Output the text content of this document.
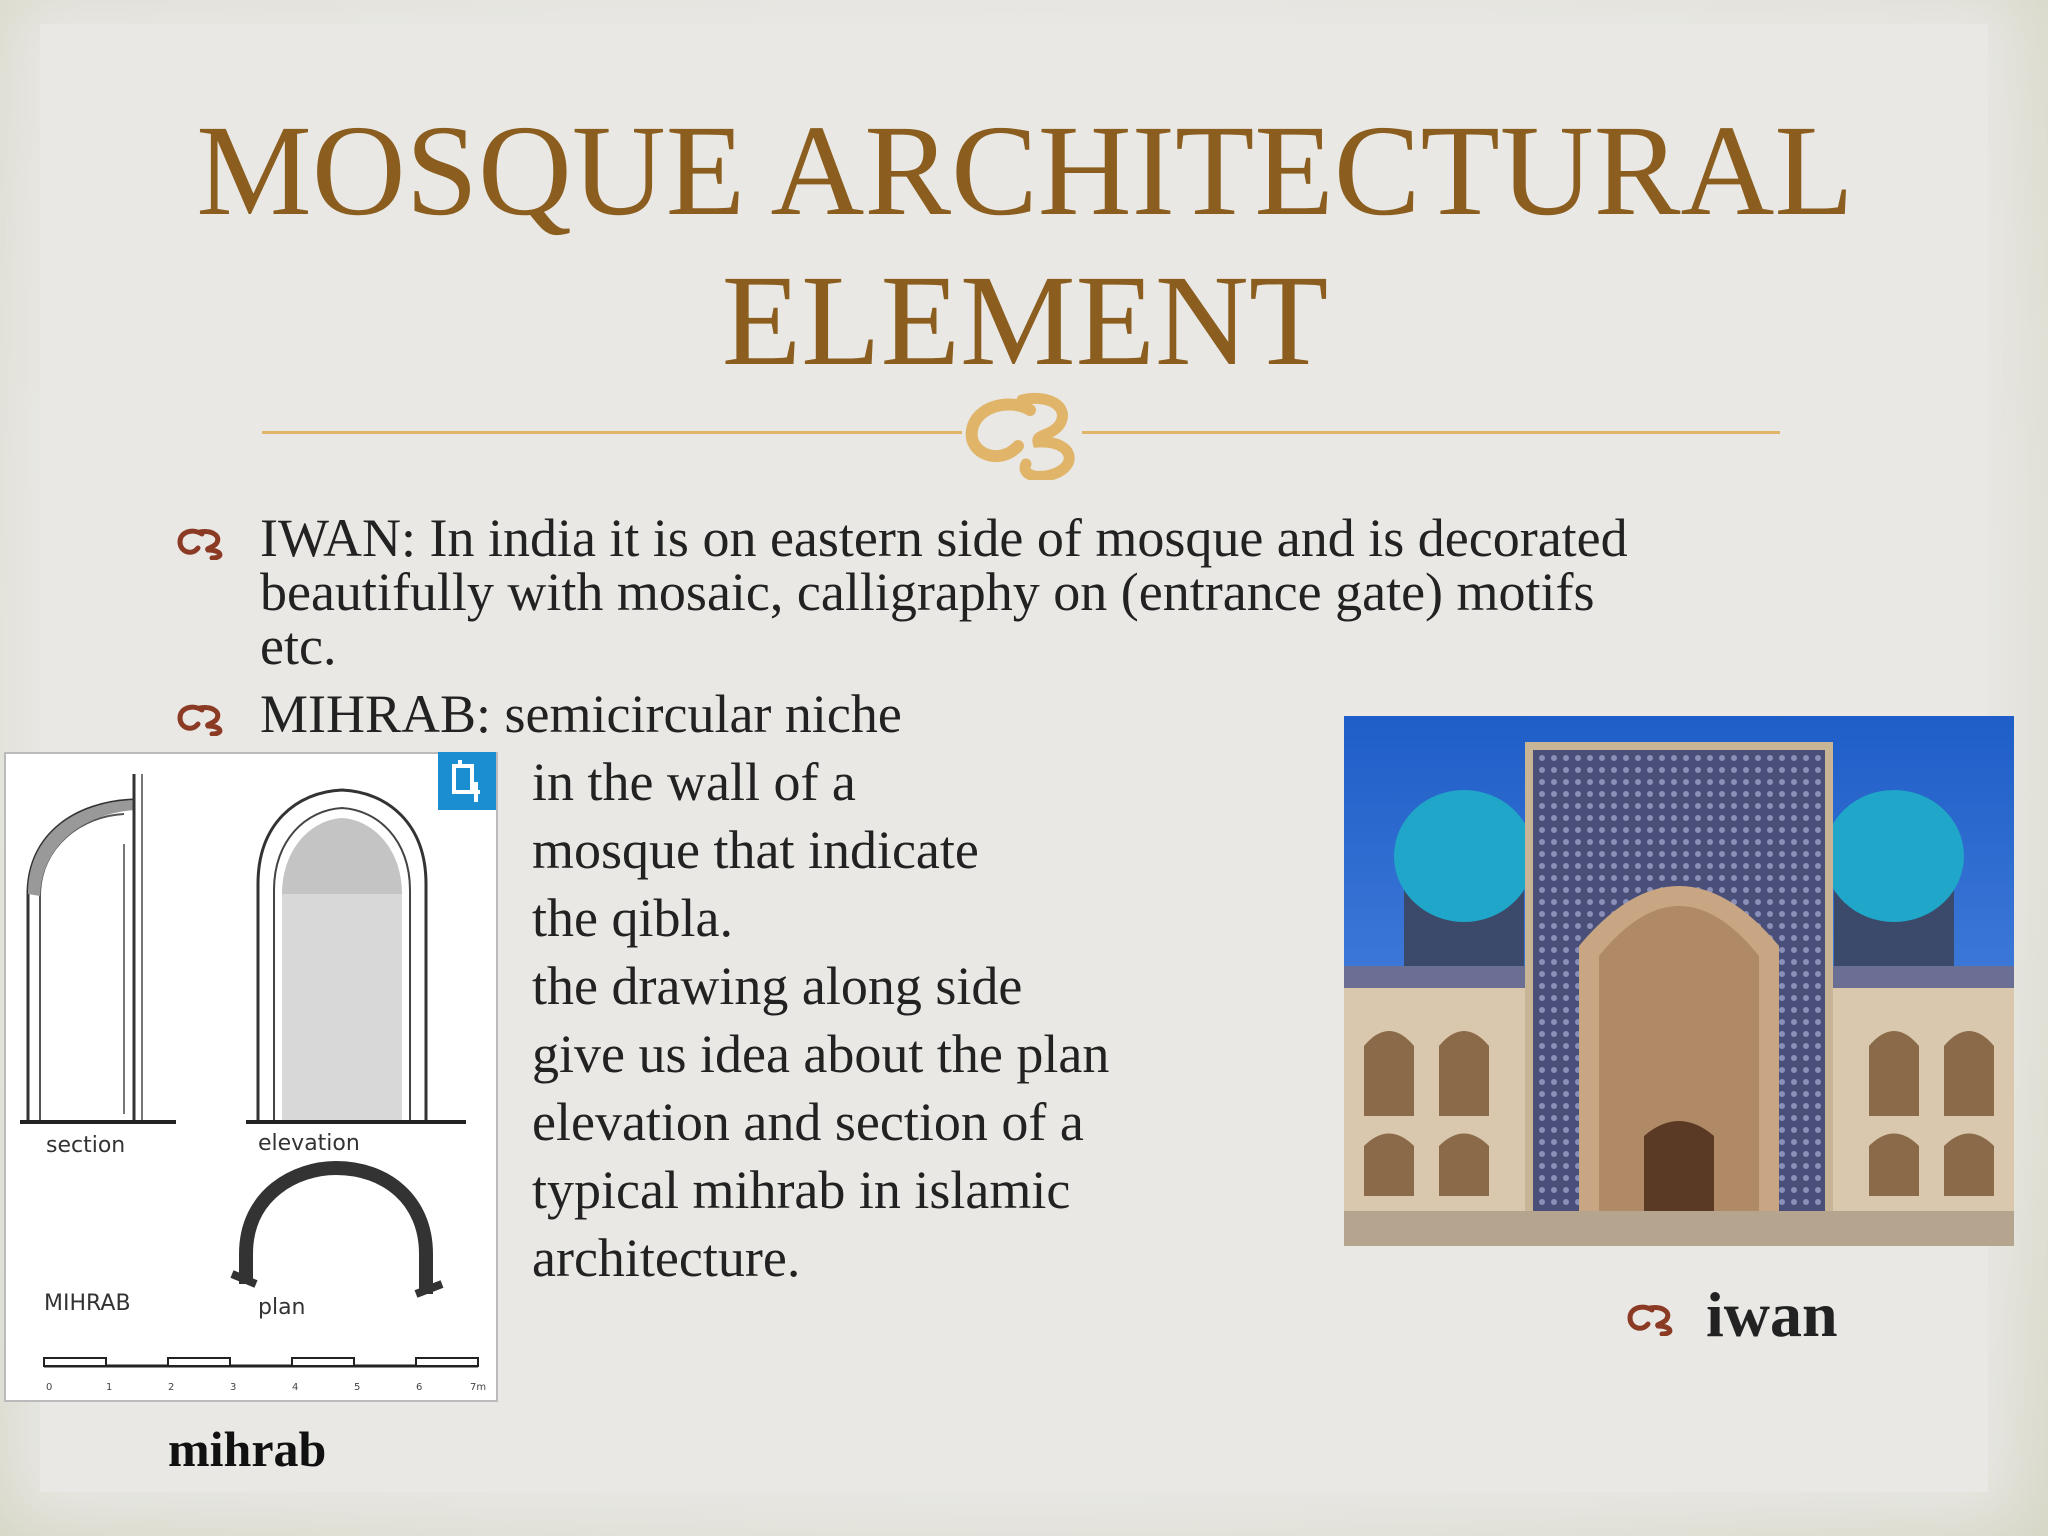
MOSQUE ARCHITECTURAL
ELEMENT
IWAN: In india it is on eastern side of mosque and is decorated
beautifully with mosaic, calligraphy on (entrance gate) motifs
etc.
MIHRAB: semicircular niche
in the wall of a
mosque that indicate
the qibla.
the drawing along side
give us idea about the plan
elevation and section of a
typical mihrab in islamic
architecture.
section	elevation
plan
MIHRAB
0	1	2	3	4	5	6	7m
mihrab
iwan
